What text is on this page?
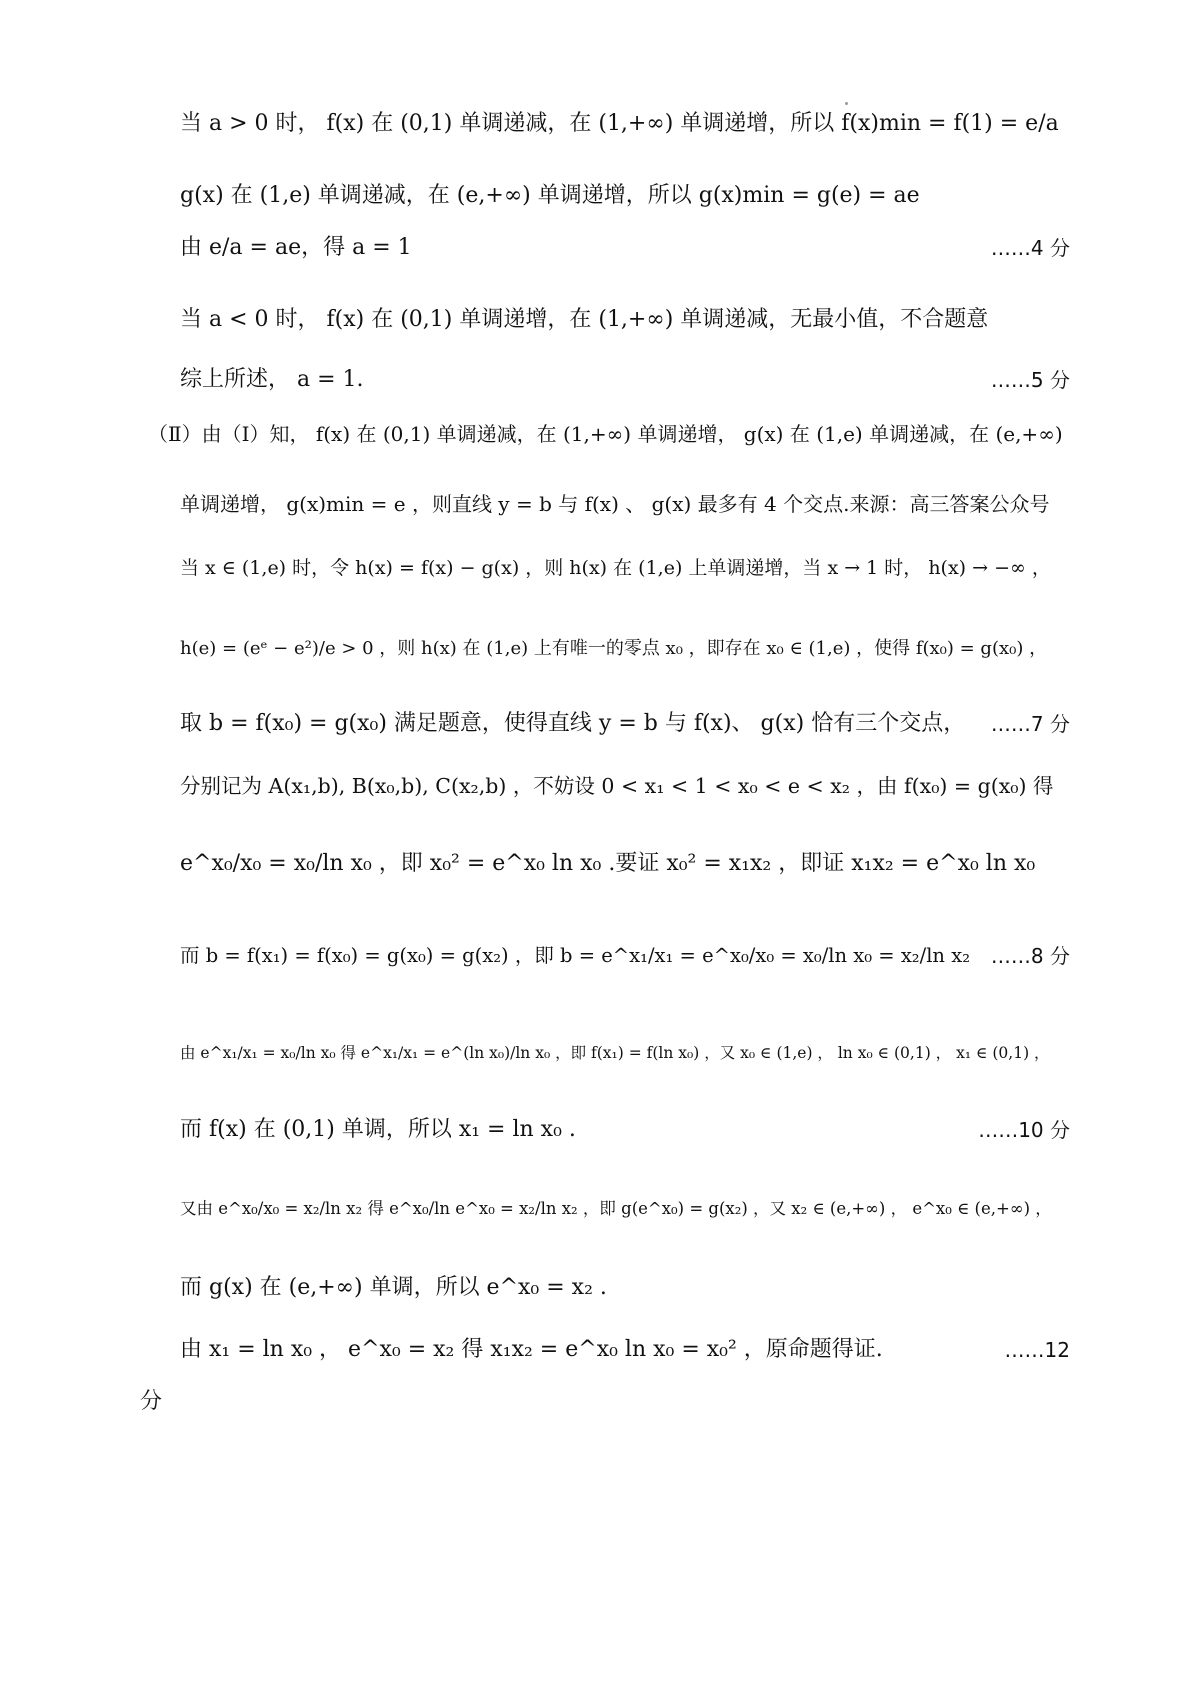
当 a > 0 时， f(x) 在 (0,1) 单调递减，在 (1,+∞) 单调递增，所以 f(x)min = f(1) = e/a
g(x) 在 (1,e) 单调递减，在 (e,+∞) 单调递增，所以 g(x)min = g(e) = ae
由 e/a = ae，得 a = 1	……4 分
当 a < 0 时， f(x) 在 (0,1) 单调递增，在 (1,+∞) 单调递减，无最小值，不合题意
综上所述， a = 1.	……5 分
（Ⅱ）由（Ⅰ）知， f(x) 在 (0,1) 单调递减，在 (1,+∞) 单调递增， g(x) 在 (1,e) 单调递减，在 (e,+∞)
单调递增， g(x)min = e ，则直线 y = b 与 f(x) 、 g(x) 最多有 4 个交点.来源：高三答案公众号
当 x ∈ (1,e) 时，令 h(x) = f(x) − g(x) ，则 h(x) 在 (1,e) 上单调递增，当 x → 1 时， h(x) → −∞ ，
h(e) = (eᵉ − e²)/e > 0 ，则 h(x) 在 (1,e) 上有唯一的零点 x₀ ，即存在 x₀ ∈ (1,e) ，使得 f(x₀) = g(x₀) ，
取 b = f(x₀) = g(x₀) 满足题意，使得直线 y = b 与 f(x)、 g(x) 恰有三个交点， ……7 分
分别记为 A(x₁,b), B(x₀,b), C(x₂,b) ，不妨设 0 < x₁ < 1 < x₀ < e < x₂ ，由 f(x₀) = g(x₀) 得
e^x₀/x₀ = x₀/ln x₀ ，即 x₀² = e^x₀ ln x₀ .要证 x₀² = x₁x₂ ，即证 x₁x₂ = e^x₀ ln x₀
而 b = f(x₁) = f(x₀) = g(x₀) = g(x₂) ，即 b = e^x₁/x₁ = e^x₀/x₀ = x₀/ln x₀ = x₂/ln x₂ ……8 分
由 e^x₁/x₁ = x₀/ln x₀ 得 e^x₁/x₁ = e^(ln x₀)/ln x₀ ，即 f(x₁) = f(ln x₀) ，又 x₀ ∈ (1,e) ， ln x₀ ∈ (0,1) ， x₁ ∈ (0,1) ，
而 f(x) 在 (0,1) 单调，所以 x₁ = ln x₀ .	……10 分
又由 e^x₀/x₀ = x₂/ln x₂ 得 e^x₀/ln e^x₀ = x₂/ln x₂ ，即 g(e^x₀) = g(x₂) ，又 x₂ ∈ (e,+∞) ， e^x₀ ∈ (e,+∞) ，
而 g(x) 在 (e,+∞) 单调，所以 e^x₀ = x₂ .
由 x₁ = ln x₀ ， e^x₀ = x₂ 得 x₁x₂ = e^x₀ ln x₀ = x₀² ，原命题得证.	……12
分
